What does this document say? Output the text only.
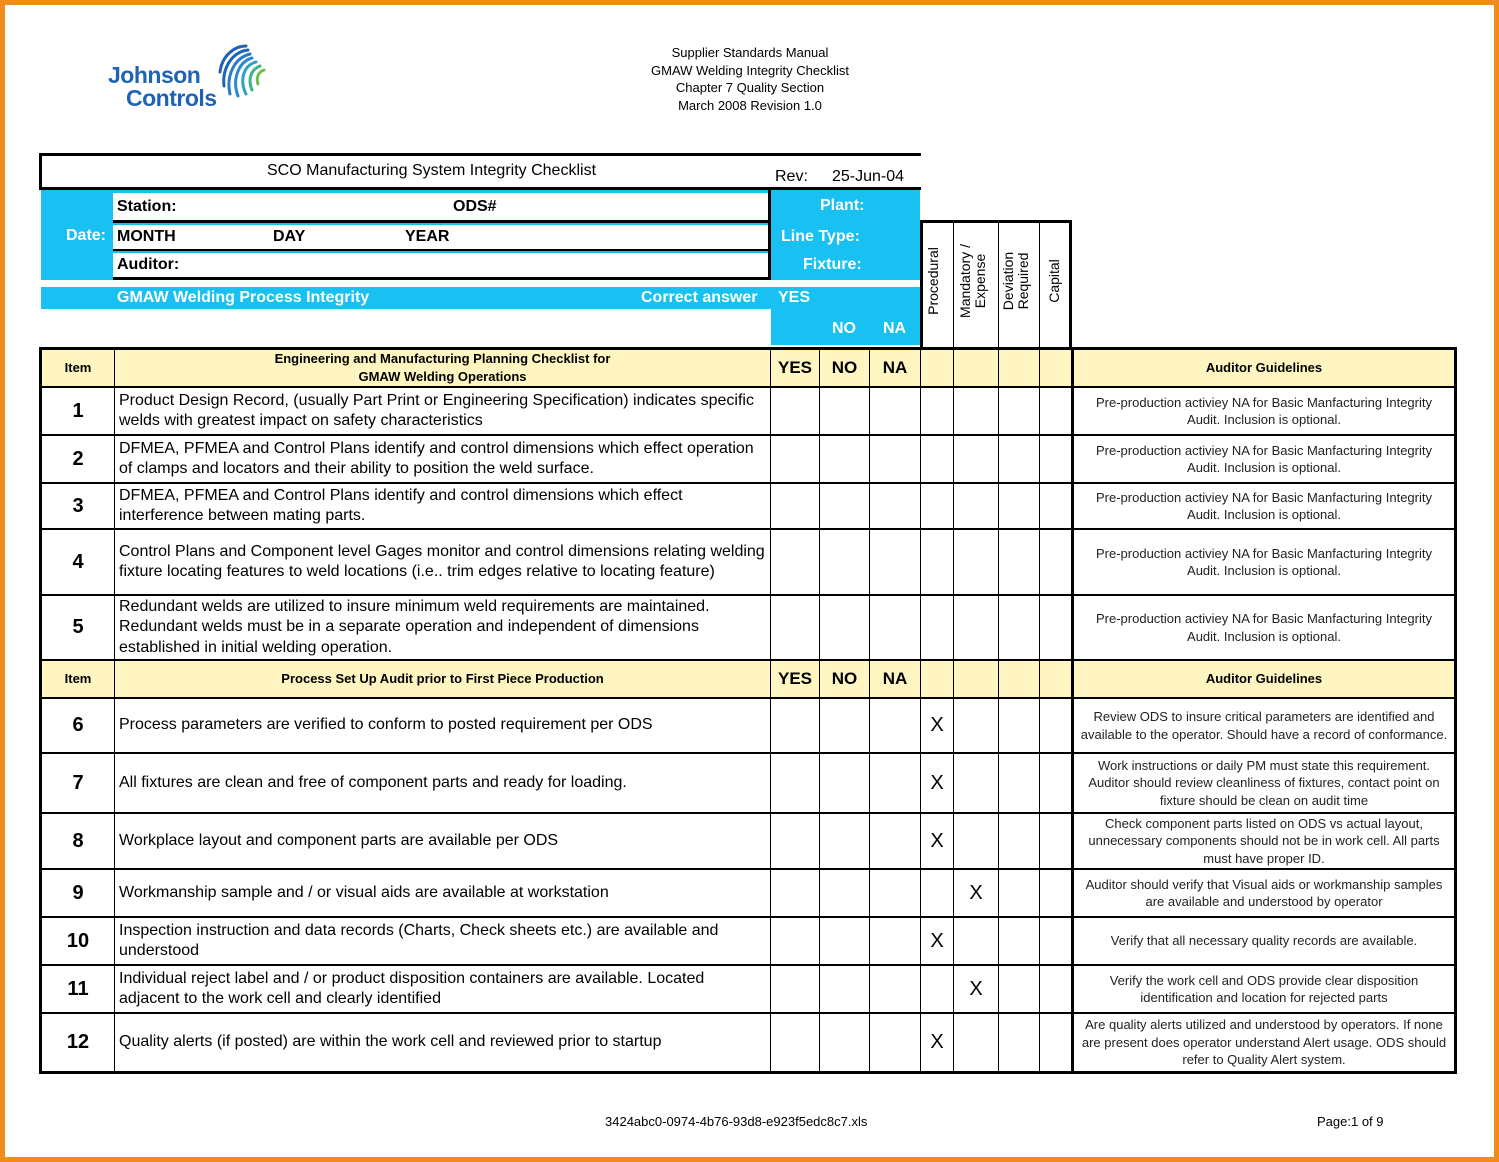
Johnson
Controls
Supplier Standards Manual
GMAW Welding Integrity Checklist
Chapter 7 Quality Section
March 2008 Revision 1.0
SCO Manufacturing System Integrity Checklist	Rev: 25-Jun-04
Date:
Station:	ODS#
MONTH	DAY	YEAR
Auditor:
Plant:
Line Type:
Fixture:
GMAW Welding Process Integrity	Correct answer YES
NO NA
Procedural Mandatory / Expense Deviation Required Capital
Item	Engineering and Manufacturing Planning Checklist for
GMAW Welding Operations	YES	NO	NA					Auditor Guidelines
1	Product Design Record, (usually Part Print or Engineering Specification) indicates specific welds with greatest impact on safety characteristics								Pre-production activiey NA for Basic Manfacturing Integrity Audit. Inclusion is optional.
2	DFMEA, PFMEA and Control Plans identify and control dimensions which effect operation of clamps and locators and their ability to position the weld surface.								Pre-production activiey NA for Basic Manfacturing Integrity Audit. Inclusion is optional.
3	DFMEA, PFMEA and Control Plans identify and control dimensions which effect interference between mating parts.								Pre-production activiey NA for Basic Manfacturing Integrity Audit. Inclusion is optional.
4	Control Plans and Component level Gages monitor and control dimensions relating welding fixture locating features to weld locations (i.e.. trim edges relative to locating feature)								Pre-production activiey NA for Basic Manfacturing Integrity Audit. Inclusion is optional.
5	Redundant welds are utilized to insure minimum weld requirements are maintained. Redundant welds must be in a separate operation and independent of dimensions established in initial welding operation.								Pre-production activiey NA for Basic Manfacturing Integrity Audit. Inclusion is optional.
Item	Process Set Up Audit prior to First Piece Production	YES	NO	NA					Auditor Guidelines
6	Process parameters are verified to conform to posted requirement per ODS				X				Review ODS to insure critical parameters are identified and available to the operator. Should have a record of conformance.
7	All fixtures are clean and free of component parts and ready for loading.				X				Work instructions or daily PM must state this requirement. Auditor should review cleanliness of fixtures, contact point on fixture should be clean on audit time
8	Workplace layout and component parts are available per ODS				X				Check component parts listed on ODS vs actual layout, unnecessary components should not be in work cell. All parts must have proper ID.
9	Workmanship sample and / or visual aids are available at workstation					X			Auditor should verify that Visual aids or workmanship samples are available and understood by operator
10	Inspection instruction and data records (Charts, Check sheets etc.) are available and understood				X				Verify that all necessary quality records are available.
11	Individual reject label and / or product disposition containers are available. Located adjacent to the work cell and clearly identified					X			Verify the work cell and ODS provide clear disposition identification and location for rejected parts
12	Quality alerts (if posted) are within the work cell and reviewed prior to startup				X				Are quality alerts utilized and understood by operators. If none are present does operator understand Alert usage. ODS should refer to Quality Alert system.
3424abc0-0974-4b76-93d8-e923f5edc8c7.xls	Page:1 of 9
